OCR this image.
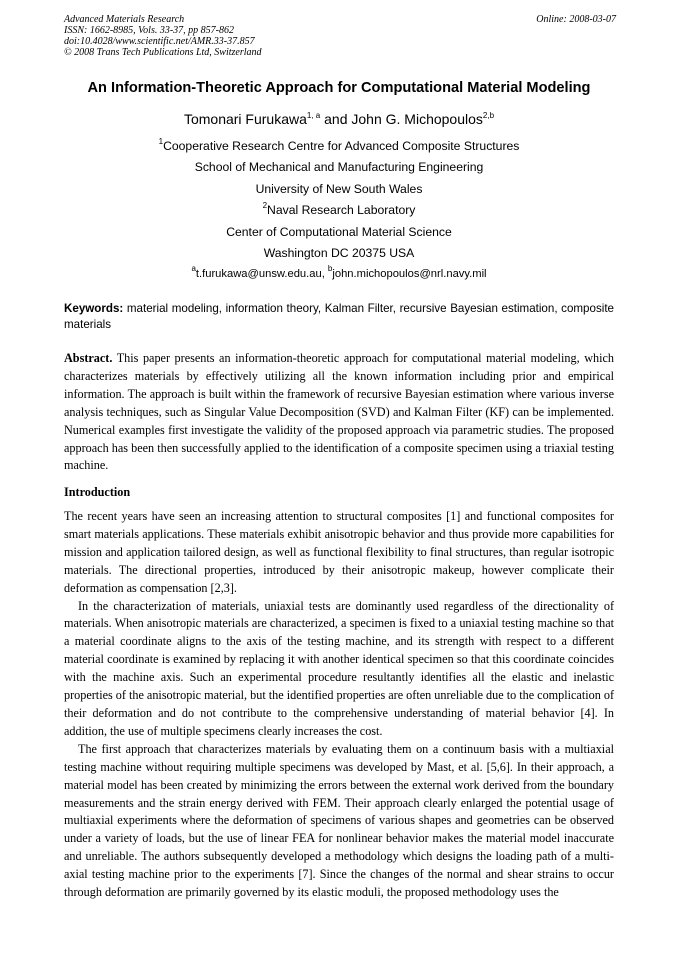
Advanced Materials Research
ISSN: 1662-8985, Vols. 33-37, pp 857-862
doi:10.4028/www.scientific.net/AMR.33-37.857
© 2008 Trans Tech Publications Ltd, Switzerland
Online: 2008-03-07
An Information-Theoretic Approach for Computational Material Modeling
Tomonari Furukawa$^{1, a}$ and John G. Michopoulos$^{2,b}$
$^1$Cooperative Research Centre for Advanced Composite Structures
School of Mechanical and Manufacturing Engineering
University of New South Wales
$^2$Naval Research Laboratory
Center of Computational Material Science
Washington DC 20375 USA
$^a$t.furukawa@unsw.edu.au, $^b$john.michopoulos@nrl.navy.mil
Keywords: material modeling, information theory, Kalman Filter, recursive Bayesian estimation, composite materials
Abstract. This paper presents an information-theoretic approach for computational material modeling, which characterizes materials by effectively utilizing all the known information including prior and empirical information. The approach is built within the framework of recursive Bayesian estimation where various inverse analysis techniques, such as Singular Value Decomposition (SVD) and Kalman Filter (KF) can be implemented. Numerical examples first investigate the validity of the proposed approach via parametric studies. The proposed approach has been then successfully applied to the identification of a composite specimen using a triaxial testing machine.
Introduction

The recent years have seen an increasing attention to structural composites [1] and functional composites for smart materials applications. These materials exhibit anisotropic behavior and thus provide more capabilities for mission and application tailored design, as well as functional flexibility to final structures, than regular isotropic materials. The directional properties, introduced by their anisotropic makeup, however complicate their deformation as compensation [2,3].

In the characterization of materials, uniaxial tests are dominantly used regardless of the directionality of materials. When anisotropic materials are characterized, a specimen is fixed to a uniaxial testing machine so that a material coordinate aligns to the axis of the testing machine, and its strength with respect to a different material coordinate is examined by replacing it with another identical specimen so that this coordinate coincides with the machine axis. Such an experimental procedure resultantly identifies all the elastic and inelastic properties of the anisotropic material, but the identified properties are often unreliable due to the complication of their deformation and do not contribute to the comprehensive understanding of material behavior [4]. In addition, the use of multiple specimens clearly increases the cost.

The first approach that characterizes materials by evaluating them on a continuum basis with a multiaxial testing machine without requiring multiple specimens was developed by Mast, et al. [5,6]. In their approach, a material model has been created by minimizing the errors between the external work derived from the boundary measurements and the strain energy derived with FEM. Their approach clearly enlarged the potential usage of multiaxial experiments where the deformation of specimens of various shapes and geometries can be observed under a variety of loads, but the use of linear FEA for nonlinear behavior makes the material model inaccurate and unreliable. The authors subsequently developed a methodology which designs the loading path of a multi-axial testing machine prior to the experiments [7]. Since the changes of the normal and shear strains to occur through deformation are primarily governed by its elastic moduli, the proposed methodology uses the
